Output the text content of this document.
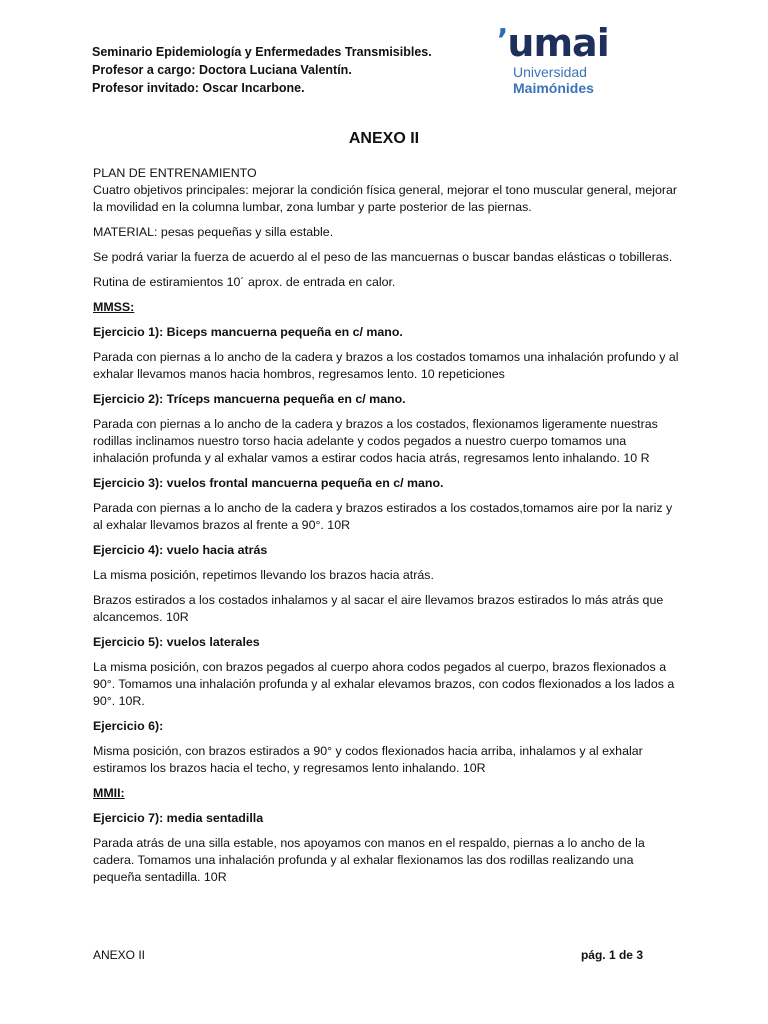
Seminario Epidemiología y Enfermedades Transmisibles.
Profesor a cargo: Doctora Luciana Valentín.
Profesor invitado: Oscar Incarbone.
’umai
Universidad
Maimónides
ANEXO II

PLAN DE ENTRENAMIENTO

Cuatro objetivos principales: mejorar la condición física general, mejorar el tono muscular general, mejorar la movilidad en la columna lumbar, zona lumbar y parte posterior de las piernas.

MATERIAL: pesas pequeñas y silla estable.

Se podrá variar la fuerza de acuerdo al el peso de las mancuernas o buscar bandas elásticas o tobilleras.

Rutina de estiramientos 10´ aprox. de entrada en calor.

MMSS:

Ejercicio 1): Biceps mancuerna pequeña en c/ mano.

Parada con piernas a lo ancho de la cadera y brazos a los costados tomamos una inhalación profundo y al exhalar llevamos manos hacia hombros, regresamos lento. 10 repeticiones

Ejercicio 2): Tríceps mancuerna pequeña en c/ mano.

Parada con piernas a lo ancho de la cadera y brazos a los costados, flexionamos ligeramente nuestras rodillas inclinamos nuestro torso hacia adelante y codos pegados a nuestro cuerpo tomamos una inhalación profunda y al exhalar vamos a estirar codos hacia atrás, regresamos lento inhalando. 10 R

Ejercicio 3): vuelos frontal mancuerna pequeña en c/ mano.

Parada con piernas a lo ancho de la cadera y brazos estirados a los costados,tomamos aire por la nariz y al exhalar llevamos brazos al frente a 90°. 10R

Ejercicio 4): vuelo hacia atrás

La misma posición, repetimos llevando los brazos hacia atrás.

Brazos estirados a los costados inhalamos y al sacar el aire llevamos brazos estirados lo más atrás que alcancemos. 10R

Ejercicio 5): vuelos laterales

La misma posición, con brazos pegados al cuerpo ahora codos pegados al cuerpo, brazos flexionados a 90°. Tomamos una inhalación profunda y al exhalar elevamos brazos, con codos flexionados a los lados a 90°. 10R.

Ejercicio 6):

Misma posición, con brazos estirados a 90° y codos flexionados hacia arriba, inhalamos y al exhalar estiramos los brazos hacia el techo, y regresamos lento inhalando. 10R

MMII:

Ejercicio 7): media sentadilla

Parada atrás de una silla estable, nos apoyamos con manos en el respaldo, piernas a lo ancho de la cadera. Tomamos una inhalación profunda y al exhalar flexionamos las dos rodillas realizando una pequeña sentadilla. 10R

ANEXO II	pág. 1 de 3
